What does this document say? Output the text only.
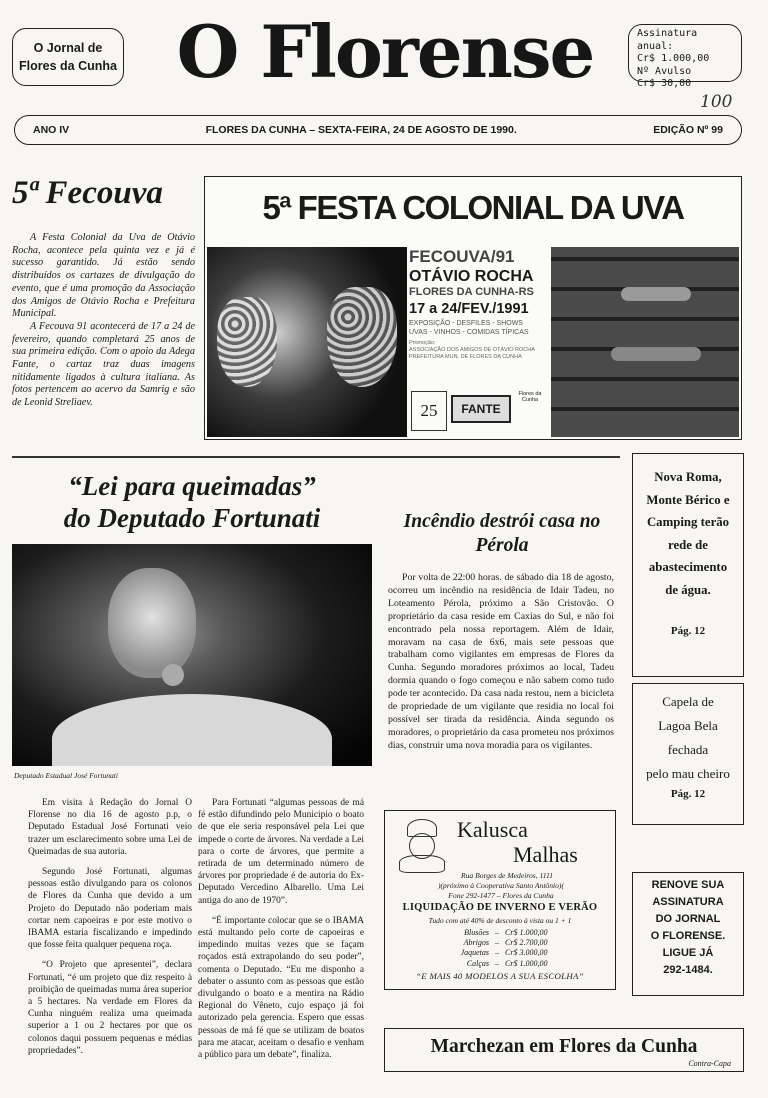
O Jornal de
Flores da Cunha O Florense	Assinatura anual:
Cr$ 1.000,00
Nº Avulso
Cr$ 30,00
100
ANO IV	FLORES DA CUNHA – SEXTA-FEIRA, 24 DE AGOSTO DE 1990.	EDIÇÃO Nº 99
5ª Fecouva

A Festa Colonial da Uva de Otávio Rocha, acontece pela quinta vez e já é sucesso garantido. Já estão sendo distribuídos os cartazes de divulgação do evento, que é uma promoção da Associação dos Amigos de Otávio Rocha e Prefeitura Municipal.

A Fecouva 91 acontecerá de 17 a 24 de fevereiro, quando completará 25 anos de sua primeira edição. Com o apoio da Adega Fante, o cartaz traz duas imagens nitidamente ligados à cultura italiana. As fotos pertencem ao acervo da Samrig e são de Leonid Streliaev.

5ª FESTA COLONIAL DA UVA
FECOUVA/91
OTÁVIO ROCHA
FLORES DA CUNHA-RS
17 a 24/FEV./1991
EXPOSIÇÃO - DESFILES - SHOWS
UVAS - VINHOS - COMIDAS TÍPICAS
Promoção:
ASSOCIAÇÃO DOS AMIGOS DE OTÁVIO ROCHA
PREFEITURA MUN. DE FLORES DA CUNHA
25	FANTE
Flores da Cunha
“Lei para queimadas”
do Deputado Fortunati
Deputado Estadual José Fortunati

Em visita à Redação do Jornal O Florense no dia 16 de agosto p.p, o Deputado Estadual José Fortunati veio trazer um esclarecimento sobre uma Lei de Queimadas de sua autoria.

Segundo José Fortunati, algumas pessoas estão divulgando para os colonos de Flores da Cunha que devido a um Projeto do Deputado não poderiam mais cortar nem capoeiras e por este motivo o IBAMA estaria fiscalizando e impedindo que fosse feita qualquer pequena roça.

“O Projeto que apresentei”, declara Fortunati, “é um projeto que diz respeito à proibição de queimadas numa área superior a 5 hectares. Na verdade em Flores da Cunha ninguém realiza uma queimada superior a 1 ou 2 hectares por que os colonos daqui possuem pequenas e médias propriedades”.

Para Fortunati “algumas pessoas de má fé estão difundindo pelo Municipio o boato de que ele seria responsável pela Lei que impede o corte de árvores. Na verdade a Lei para o corte de árvores, que permite a retirada de um determinado número de árvores por propriedade é de autoria do Ex-Deputado Vercedino Albarello. Uma Lei antiga do ano de 1970”.

“É importante colocar que se o IBAMA está multando pelo corte de capoeiras e impedindo muitas vezes que se façam roçados está extrapolando do seu poder”, comenta o Deputado. “Eu me disponho a debater o assunto com as pessoas que estão divulgando o boato e a mentira na Rádio Regional do Vêneto, cujo espaço já foi autorizado pela gerencia. Espero que essas pessoas de má fé que se utilizam de boatos para me atacar, aceitam o desafio e venham a público para um debate”, finaliza.

Incêndio destrói casa no
Pérola

Por volta de 22:00 horas. de sábado dia 18 de agosto, ocorreu um incêndio na residência de Idair Tadeu, no Loteamento Pérola, próximo a São Cristovão. O proprietário da casa reside em Caxias do Sul, e não foi encontrado pela nossa reportagem. Além de Idair, moravam na casa de 6x6, mais sete pessoas que trabalham como vigilantes em empresas de Flores da Cunha. Segundo moradores próximos ao local, Tadeu dormia quando o fogo começou e não sabem como tudo pode ter acontecido. Da casa nada restou, nem a bicicleta de propriedade de um vigilante que residia no local foi possível ser tirada da residência. Ainda segundo os moradores, o proprietário da casa prometeu nos próximos dias, construir uma nova moradia para os vigilantes.

Nova Roma,
Monte Bérico e
Camping terão
rede de
abastecimento
de água.
Pág. 12
Capela de
Lagoa Bela
fechada
pelo mau cheiro
Pág. 12
RENOVE SUA
ASSINATURA
DO JORNAL
O FLORENSE.
LIGUE JÁ
292-1484.
Kalusca
Malhas
Rua Borges de Medeiros, 1111
)(próximo à Cooperativa Santo Antônio)(
Fone 292-1477 – Flores da Cunha
LIQUIDAÇÃO DE INVERNO E VERÃO
Tudo com até 40% de desconto à vista ou 1 + 1
Blusões – Cr$ 1.000,00
Abrigos – Cr$ 2.700,00
Jaquetas – Cr$ 3.000,00
Calças – Cr$ 1.000,00
“E MAIS 40 MODELOS A SUA ESCOLHA”
Marchezan em Flores da Cunha
Contra-Capa
